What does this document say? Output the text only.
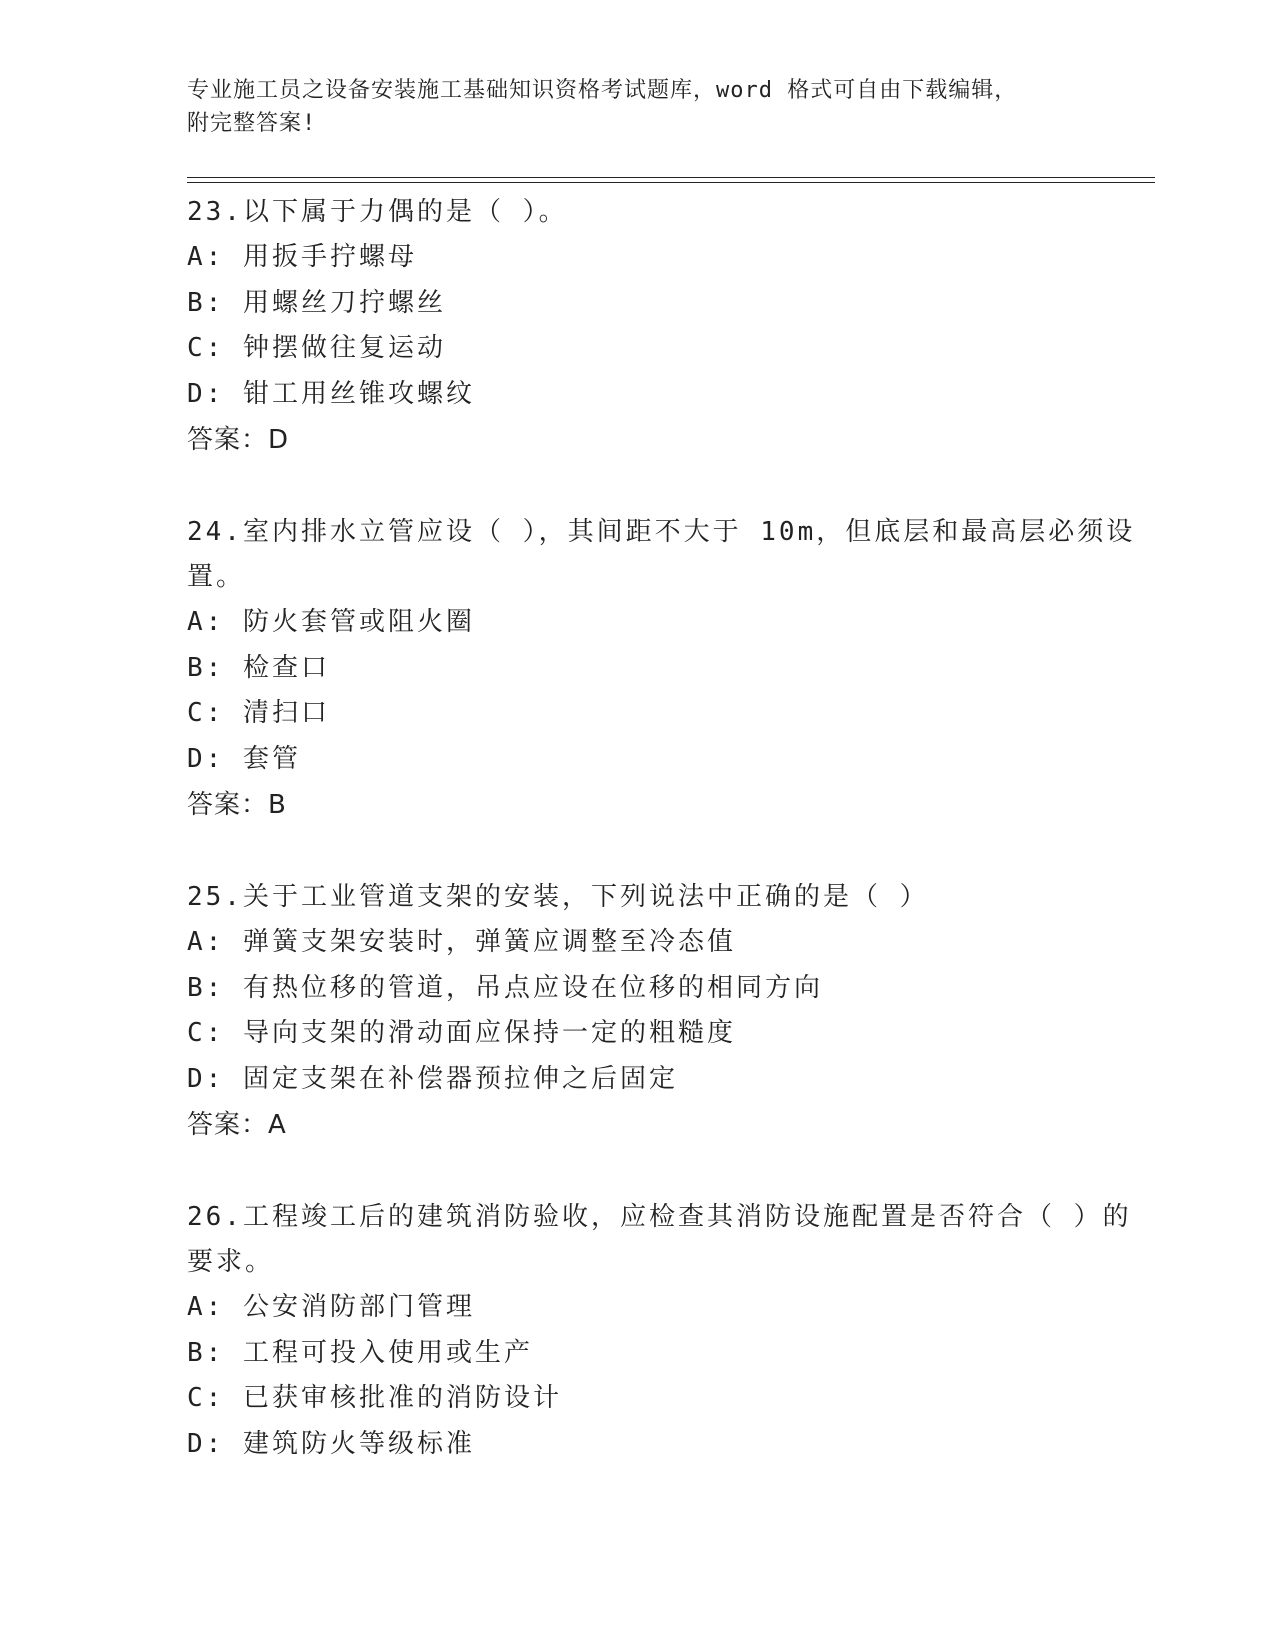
专业施工员之设备安装施工基础知识资格考试题库，word 格式可自由下载编辑，
附完整答案!

23.以下属于力偶的是（ ）。

A: 用扳手拧螺母

B: 用螺丝刀拧螺丝

C: 钟摆做往复运动

D: 钳工用丝锥攻螺纹

答案：D

24.室内排水立管应设（ ），其间距不大于 10m，但底层和最高层必须设置。

A: 防火套管或阻火圈

B: 检查口

C: 清扫口

D: 套管

答案：B

25.关于工业管道支架的安装，下列说法中正确的是（ ）

A: 弹簧支架安装时，弹簧应调整至冷态值

B: 有热位移的管道，吊点应设在位移的相同方向

C: 导向支架的滑动面应保持一定的粗糙度

D: 固定支架在补偿器预拉伸之后固定

答案：A

26.工程竣工后的建筑消防验收，应检查其消防设施配置是否符合（ ）的要求。

A: 公安消防部门管理

B: 工程可投入使用或生产

C: 已获审核批准的消防设计

D: 建筑防火等级标准
